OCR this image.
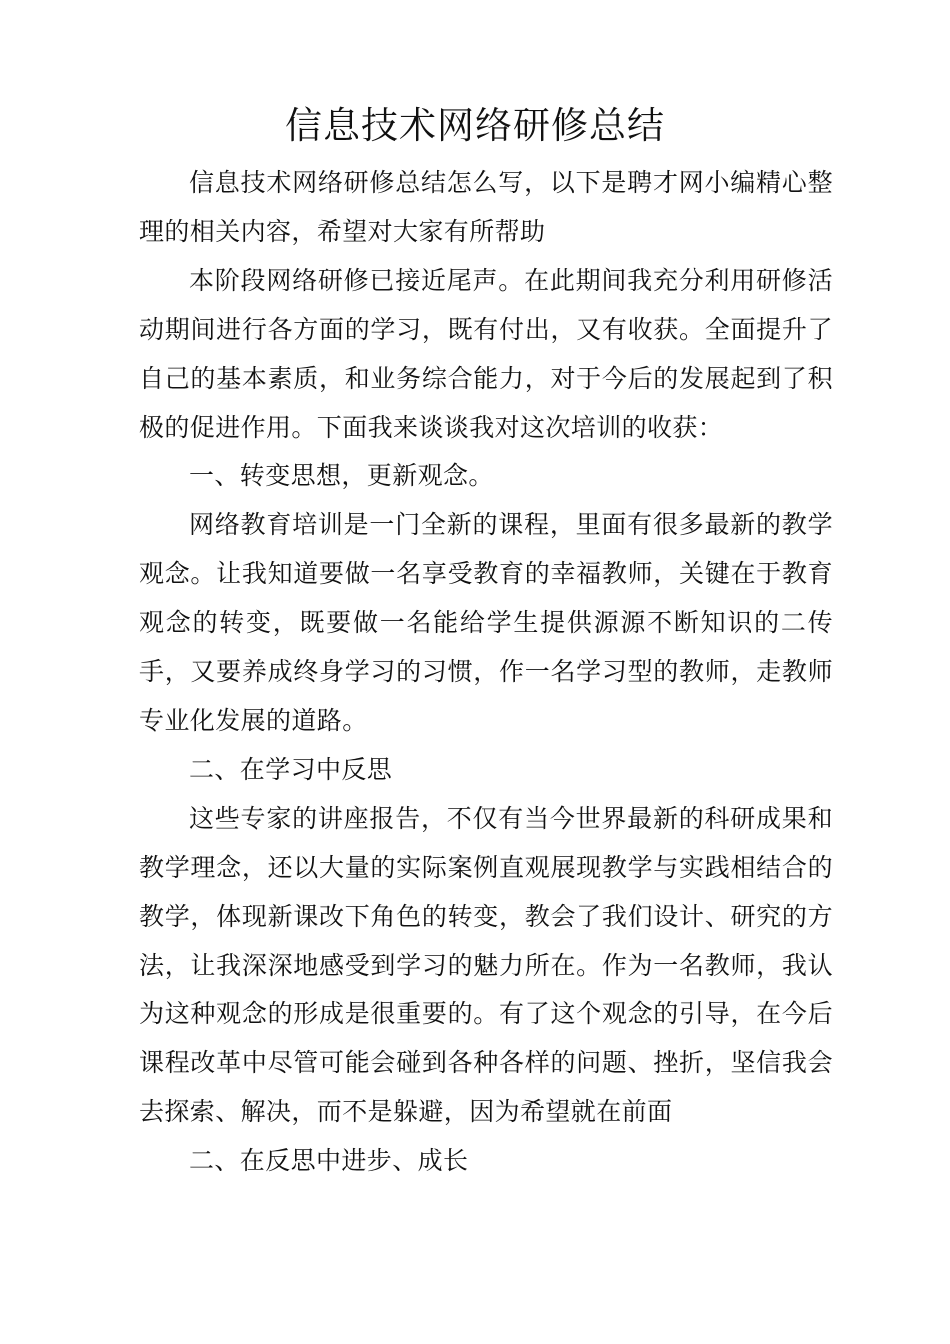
信息技术网络研修总结

信息技术网络研修总结怎么写，以下是聘才网小编精心整理的相关内容，希望对大家有所帮助

本阶段网络研修已接近尾声。在此期间我充分利用研修活动期间进行各方面的学习，既有付出，又有收获。全面提升了自己的基本素质，和业务综合能力，对于今后的发展起到了积极的促进作用。下面我来谈谈我对这次培训的收获：

一、转变思想，更新观念。

网络教育培训是一门全新的课程，里面有很多最新的教学观念。让我知道要做一名享受教育的幸福教师，关键在于教育观念的转变，既要做一名能给学生提供源源不断知识的二传手，又要养成终身学习的习惯，作一名学习型的教师，走教师专业化发展的道路。

二、在学习中反思

这些专家的讲座报告，不仅有当今世界最新的科研成果和教学理念，还以大量的实际案例直观展现教学与实践相结合的教学，体现新课改下角色的转变，教会了我们设计、研究的方法，让我深深地感受到学习的魅力所在。作为一名教师，我认为这种观念的形成是很重要的。有了这个观念的引导，在今后课程改革中尽管可能会碰到各种各样的问题、挫折，坚信我会去探索、解决，而不是躲避，因为希望就在前面

二、在反思中进步、成长
